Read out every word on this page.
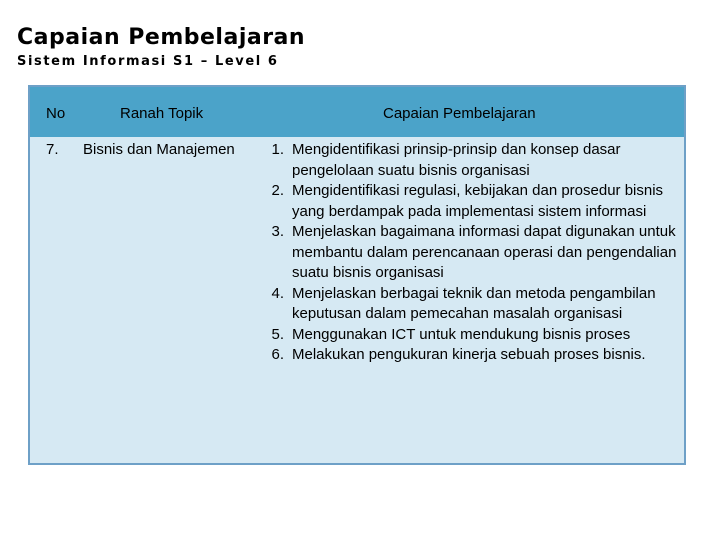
Capaian Pembelajaran
Sistem Informasi S1 – Level 6
No	Ranah Topik	Capaian Pembelajaran
7. Bisnis dan Manajemen	1. Mengidentifikasi prinsip-prinsip dan konsep dasar pengelolaan suatu bisnis organisasi
2. Mengidentifikasi regulasi, kebijakan dan prosedur bisnis yang berdampak pada implementasi sistem informasi
3. Menjelaskan bagaimana informasi dapat digunakan untuk membantu dalam perencanaan operasi dan pengendalian suatu bisnis organisasi
4. Menjelaskan berbagai teknik dan metoda pengambilan keputusan dalam pemecahan masalah organisasi
5. Menggunakan ICT untuk mendukung bisnis proses
6. Melakukan pengukuran kinerja sebuah proses bisnis.
